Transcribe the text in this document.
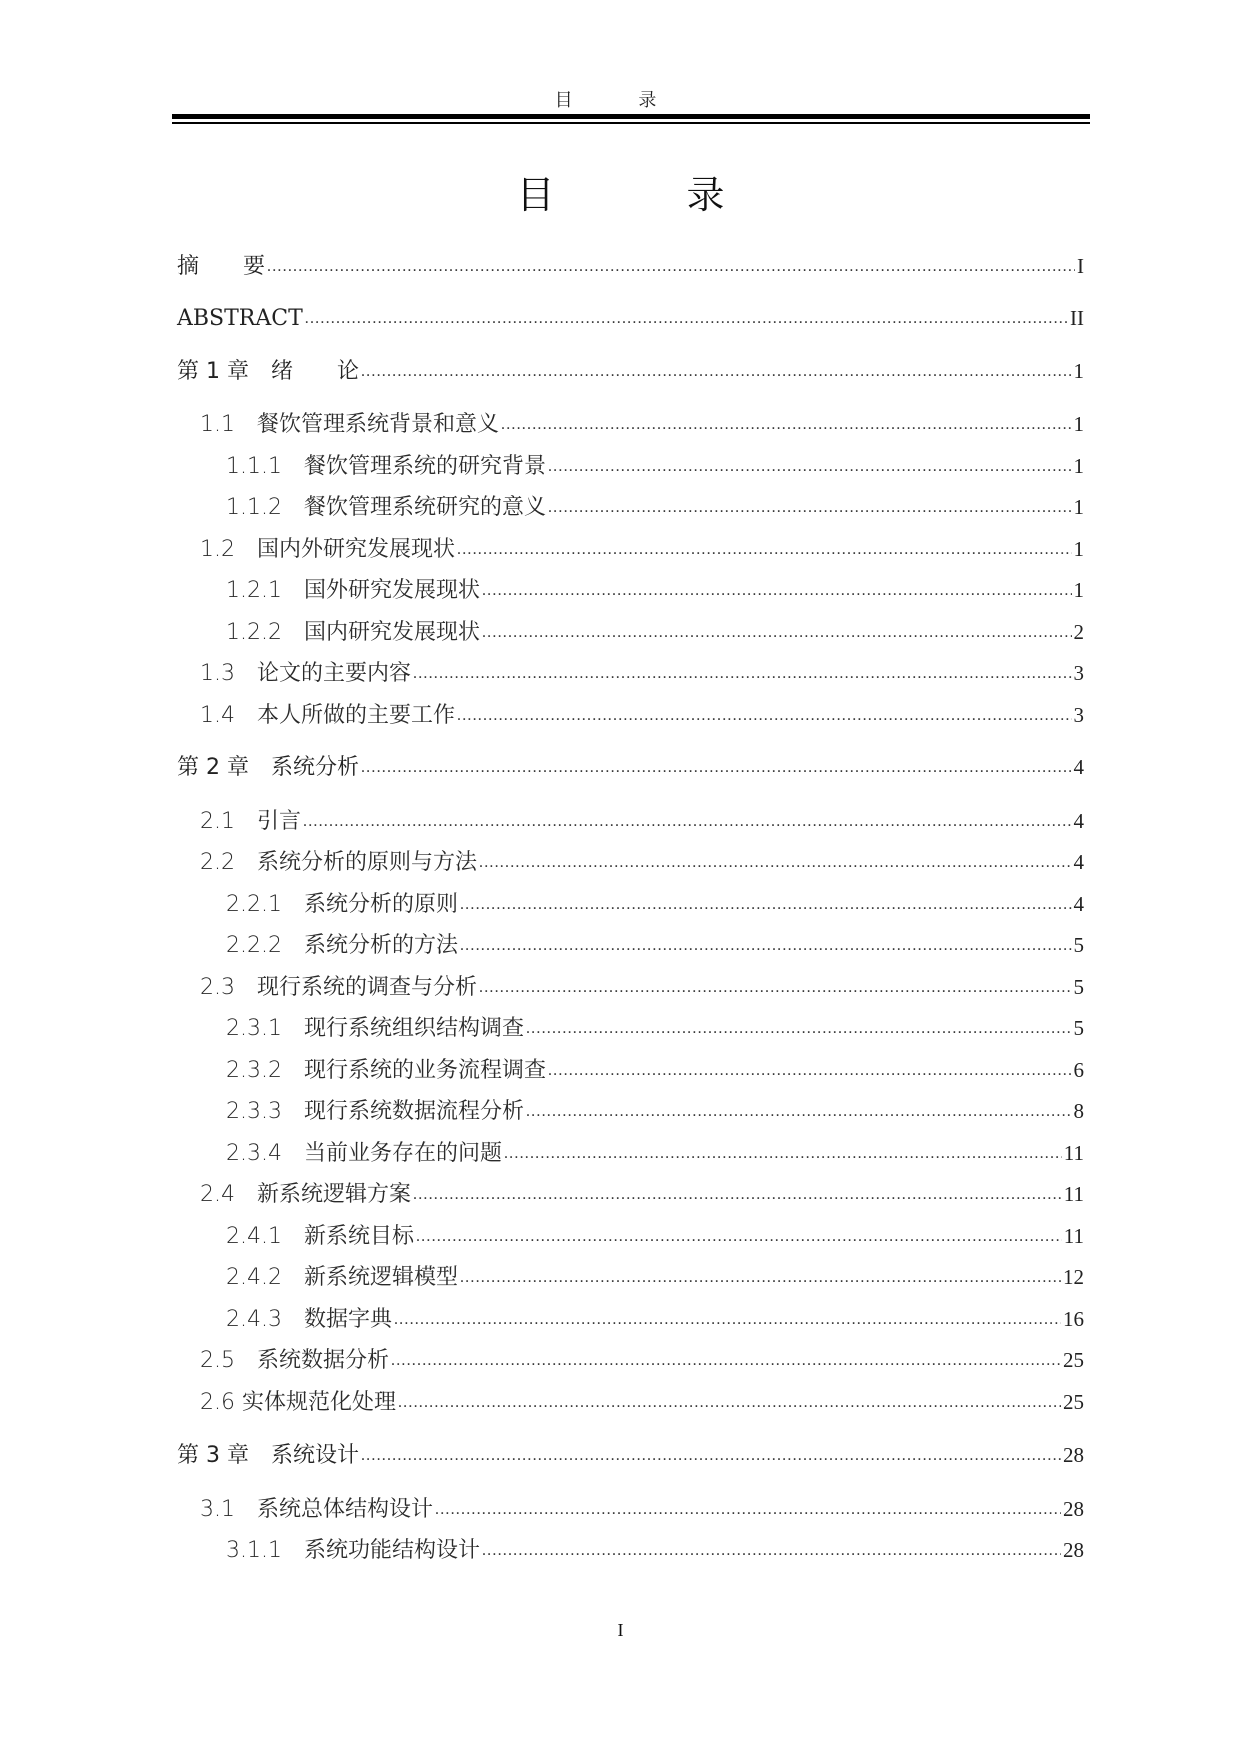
目 录
目 录
摘　　要 .....	I
ABSTRACT .....	II
第 1 章　绪　　论 .....	1
1.1　餐饮管理系统背景和意义 .....	1
1.1.1　餐饮管理系统的研究背景 .....	1
1.1.2　餐饮管理系统研究的意义 .....	1
1.2　国内外研究发展现状 .....	1
1.2.1　国外研究发展现状 .....	1
1.2.2　国内研究发展现状 .....	2
1.3　论文的主要内容 .....	3
1.4　本人所做的主要工作 .....	3
第 2 章　系统分析 .....	4
2.1　引言 .....	4
2.2　系统分析的原则与方法 .....	4
2.2.1　系统分析的原则 .....	4
2.2.2　系统分析的方法 .....	5
2.3　现行系统的调查与分析 .....	5
2.3.1　现行系统组织结构调查 .....	5
2.3.2　现行系统的业务流程调查 .....	6
2.3.3　现行系统数据流程分析 .....	8
2.3.4　当前业务存在的问题 .....	11
2.4　新系统逻辑方案 .....	11
2.4.1　新系统目标 .....	11
2.4.2　新系统逻辑模型 .....	12
2.4.3　数据字典 .....	16
2.5　系统数据分析 .....	25
2.6 实体规范化处理 .....	25
第 3 章　系统设计 .....	28
3.1　系统总体结构设计 .....	28
3.1.1　系统功能结构设计 .....	28
I
